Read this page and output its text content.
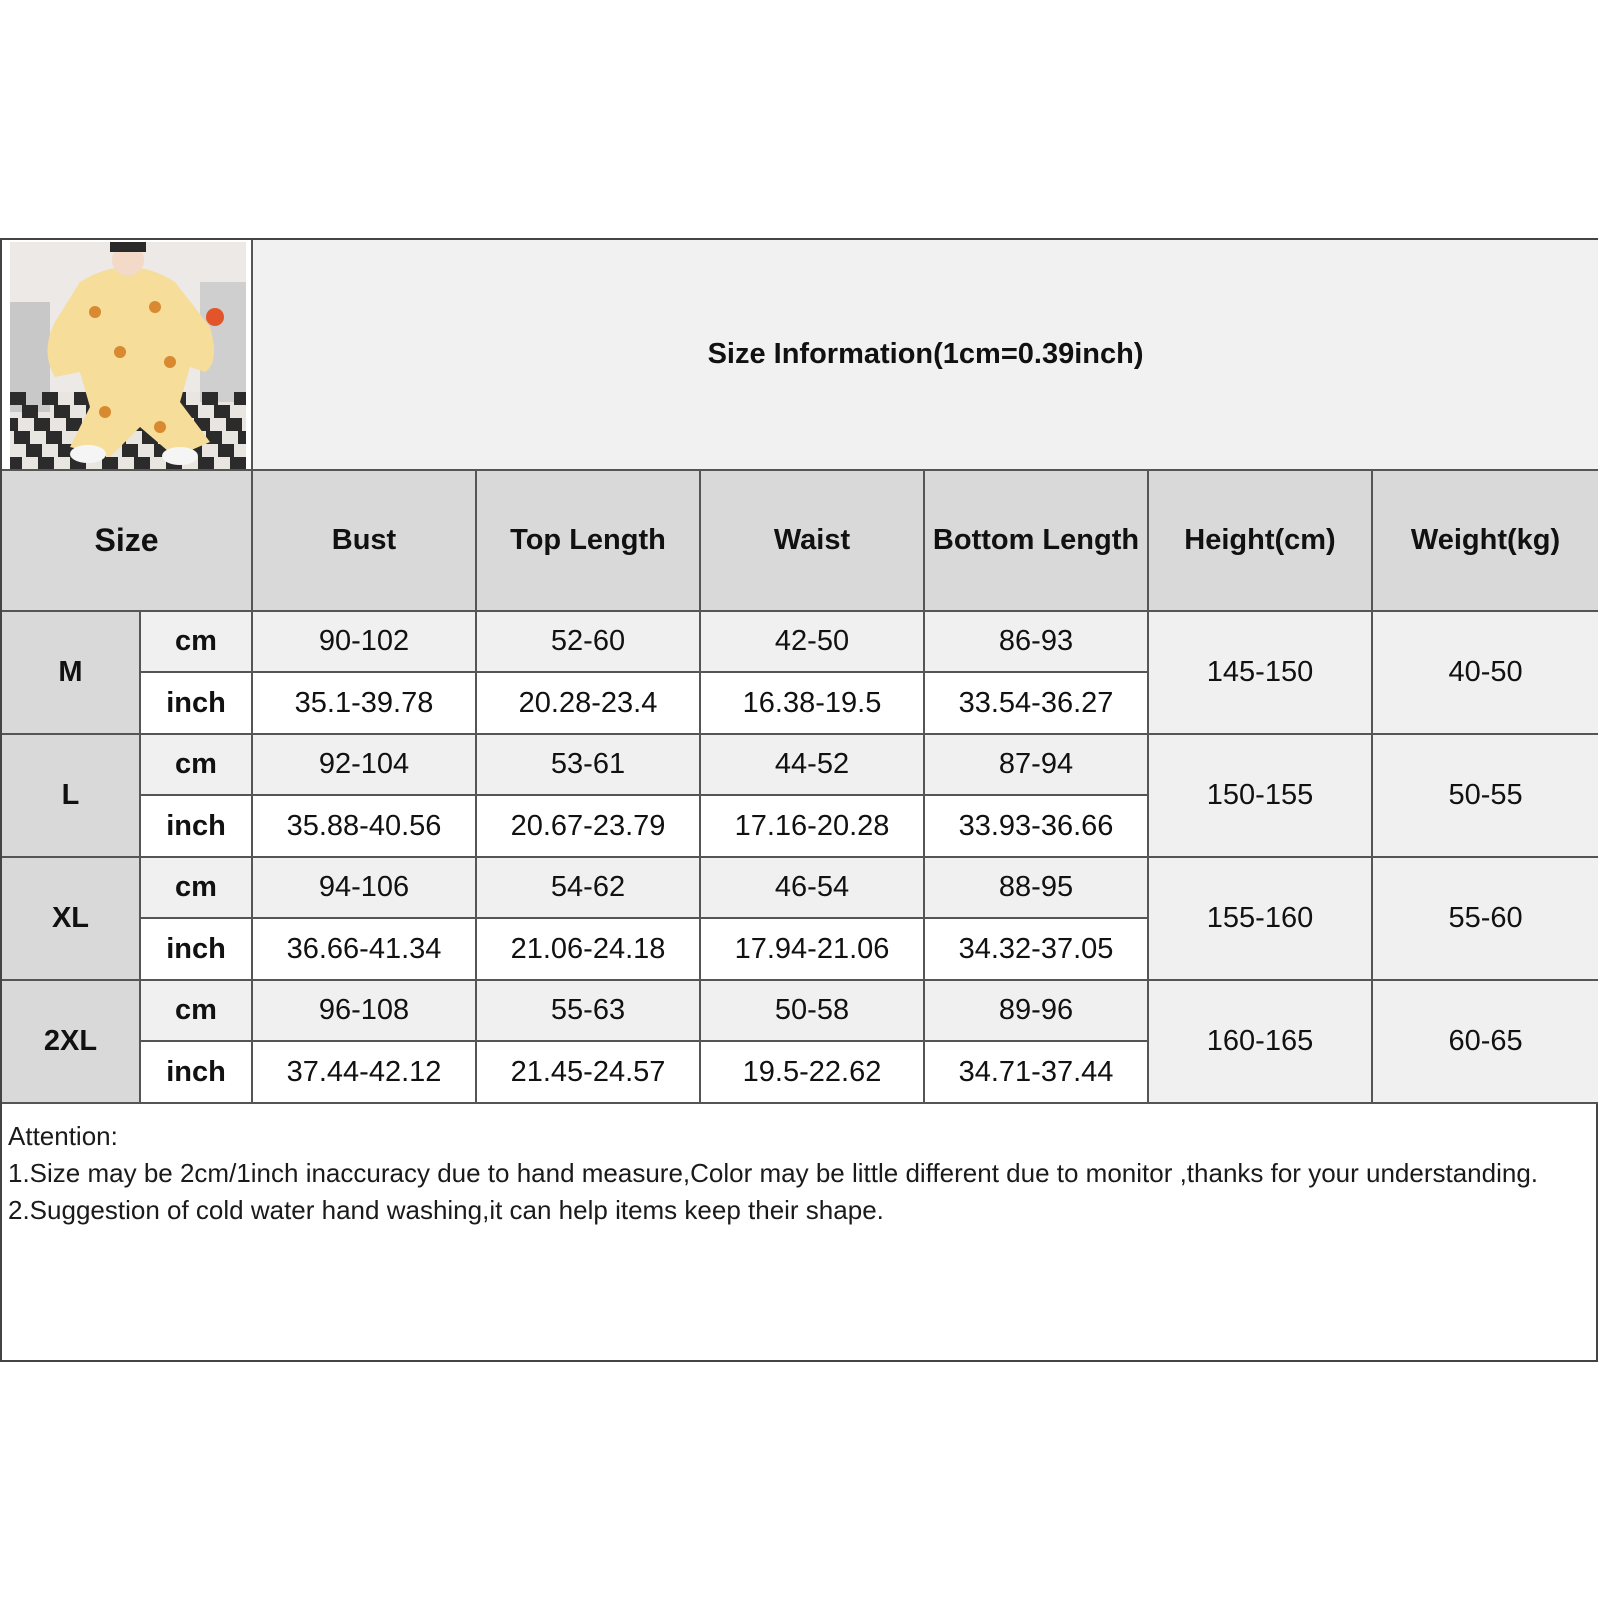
	Size Information(1cm=0.39inch)					
Size		Bust	Top Length	Waist	Bottom Length	Height(cm)	Weight(kg)
M	cm	90-102	52-60	42-50	86-93	145-150	40-50
	inch	35.1-39.78	20.28-23.4	16.38-19.5	33.54-36.27		
L	cm	92-104	53-61	44-52	87-94	150-155	50-55
	inch	35.88-40.56	20.67-23.79	17.16-20.28	33.93-36.66		
XL	cm	94-106	54-62	46-54	88-95	155-160	55-60
	inch	36.66-41.34	21.06-24.18	17.94-21.06	34.32-37.05		
2XL	cm	96-108	55-63	50-58	89-96	160-165	60-65
	inch	37.44-42.12	21.45-24.57	19.5-22.62	34.71-37.44		

Attention:

1.Size may be 2cm/1inch inaccuracy due to hand measure,Color may be little different due to monitor ,thanks for your understanding.

2.Suggestion of cold water hand washing,it can help items keep their shape.
